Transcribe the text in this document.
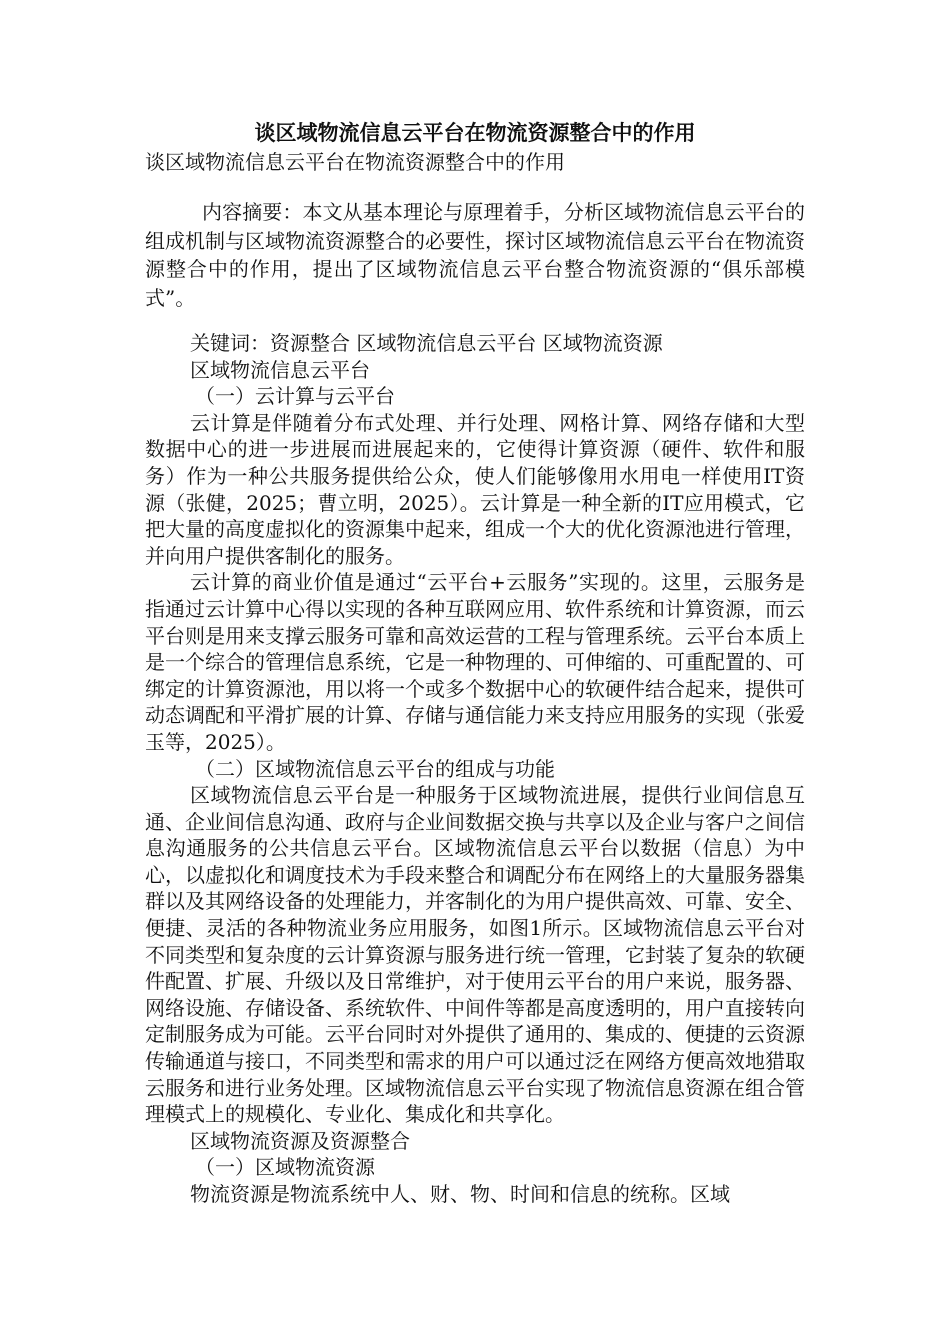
谈区域物流信息云平台在物流资源整合中的作用

谈区域物流信息云平台在物流资源整合中的作用

内容摘要：本文从基本理论与原理着手，分析区域物流信息云平台的组成机制与区域物流资源整合的必要性，探讨区域物流信息云平台在物流资源整合中的作用，提出了区域物流信息云平台整合物流资源的“俱乐部模式”。

关键词：资源整合 区域物流信息云平台 区域物流资源

区域物流信息云平台

（一）云计算与云平台

云计算是伴随着分布式处理、并行处理、网格计算、网络存储和大型数据中心的进一步进展而进展起来的，它使得计算资源（硬件、软件和服务）作为一种公共服务提供给公众，使人们能够像用水用电一样使用IT资源（张健，2025；曹立明，2025）。云计算是一种全新的IT应用模式，它把大量的高度虚拟化的资源集中起来，组成一个大的优化资源池进行管理，并向用户提供客制化的服务。

云计算的商业价值是通过“云平台+云服务”实现的。这里，云服务是指通过云计算中心得以实现的各种互联网应用、软件系统和计算资源，而云平台则是用来支撑云服务可靠和高效运营的工程与管理系统。云平台本质上是一个综合的管理信息系统，它是一种物理的、可伸缩的、可重配置的、可绑定的计算资源池，用以将一个或多个数据中心的软硬件结合起来，提供可动态调配和平滑扩展的计算、存储与通信能力来支持应用服务的实现（张爱玉等，2025）。

（二）区域物流信息云平台的组成与功能

区域物流信息云平台是一种服务于区域物流进展，提供行业间信息互通、企业间信息沟通、政府与企业间数据交换与共享以及企业与客户之间信息沟通服务的公共信息云平台。区域物流信息云平台以数据（信息）为中心，以虚拟化和调度技术为手段来整合和调配分布在网络上的大量服务器集群以及其网络设备的处理能力，并客制化的为用户提供高效、可靠、安全、便捷、灵活的各种物流业务应用服务，如图1所示。区域物流信息云平台对不同类型和复杂度的云计算资源与服务进行统一管理，它封装了复杂的软硬件配置、扩展、升级以及日常维护，对于使用云平台的用户来说，服务器、网络设施、存储设备、系统软件、中间件等都是高度透明的，用户直接转向定制服务成为可能。云平台同时对外提供了通用的、集成的、便捷的云资源传输通道与接口，不同类型和需求的用户可以通过泛在网络方便高效地猎取云服务和进行业务处理。区域物流信息云平台实现了物流信息资源在组合管理模式上的规模化、专业化、集成化和共享化。

区域物流资源及资源整合

（一）区域物流资源

物流资源是物流系统中人、财、物、时间和信息的统称。区域
